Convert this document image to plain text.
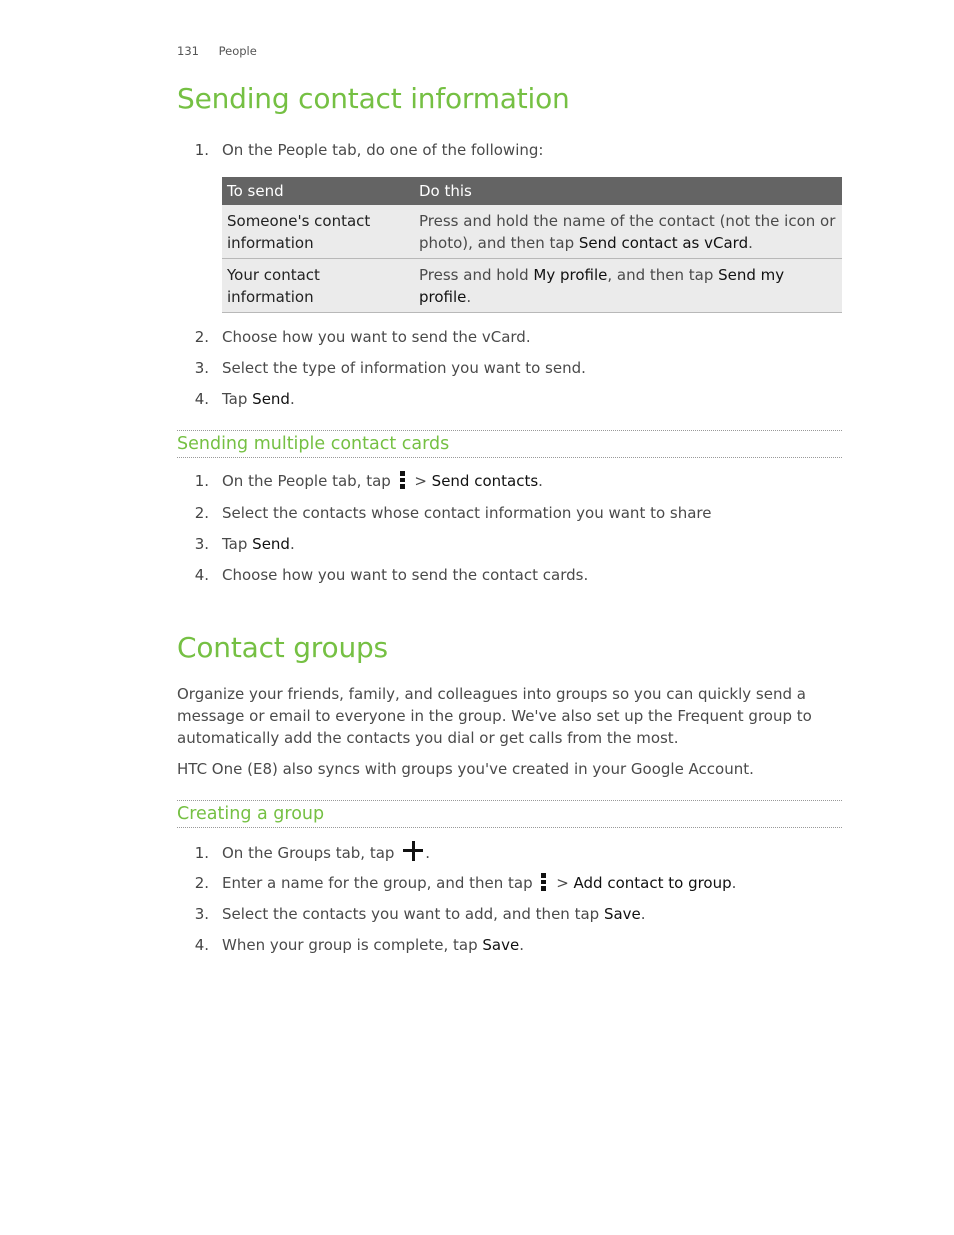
131 People
Sending contact information
1. On the People tab, do one of the following:
To send	Do this
Someone's contact information	Press and hold the name of the contact (not the icon or photo), and then tap Send contact as vCard.
Your contact information	Press and hold My profile, and then tap Send my profile.
2. Choose how you want to send the vCard.
3. Select the type of information you want to send.
4. Tap Send.
Sending multiple contact cards
1. On the People tab, tap
> Send contacts.
2. Select the contacts whose contact information you want to share
3. Tap Send.
4. Choose how you want to send the contact cards.
Contact groups
Organize your friends, family, and colleagues into groups so you can quickly send a message or email to everyone in the group. We've also set up the Frequent group to automatically add the contacts you dial or get calls from the most.
HTC One (E8) also syncs with groups you've created in your Google Account.
Creating a group
1. On the Groups tab, tap .
2. Enter a name for the group, and then tap
> Add contact to group.
3. Select the contacts you want to add, and then tap Save.
4. When your group is complete, tap Save.
